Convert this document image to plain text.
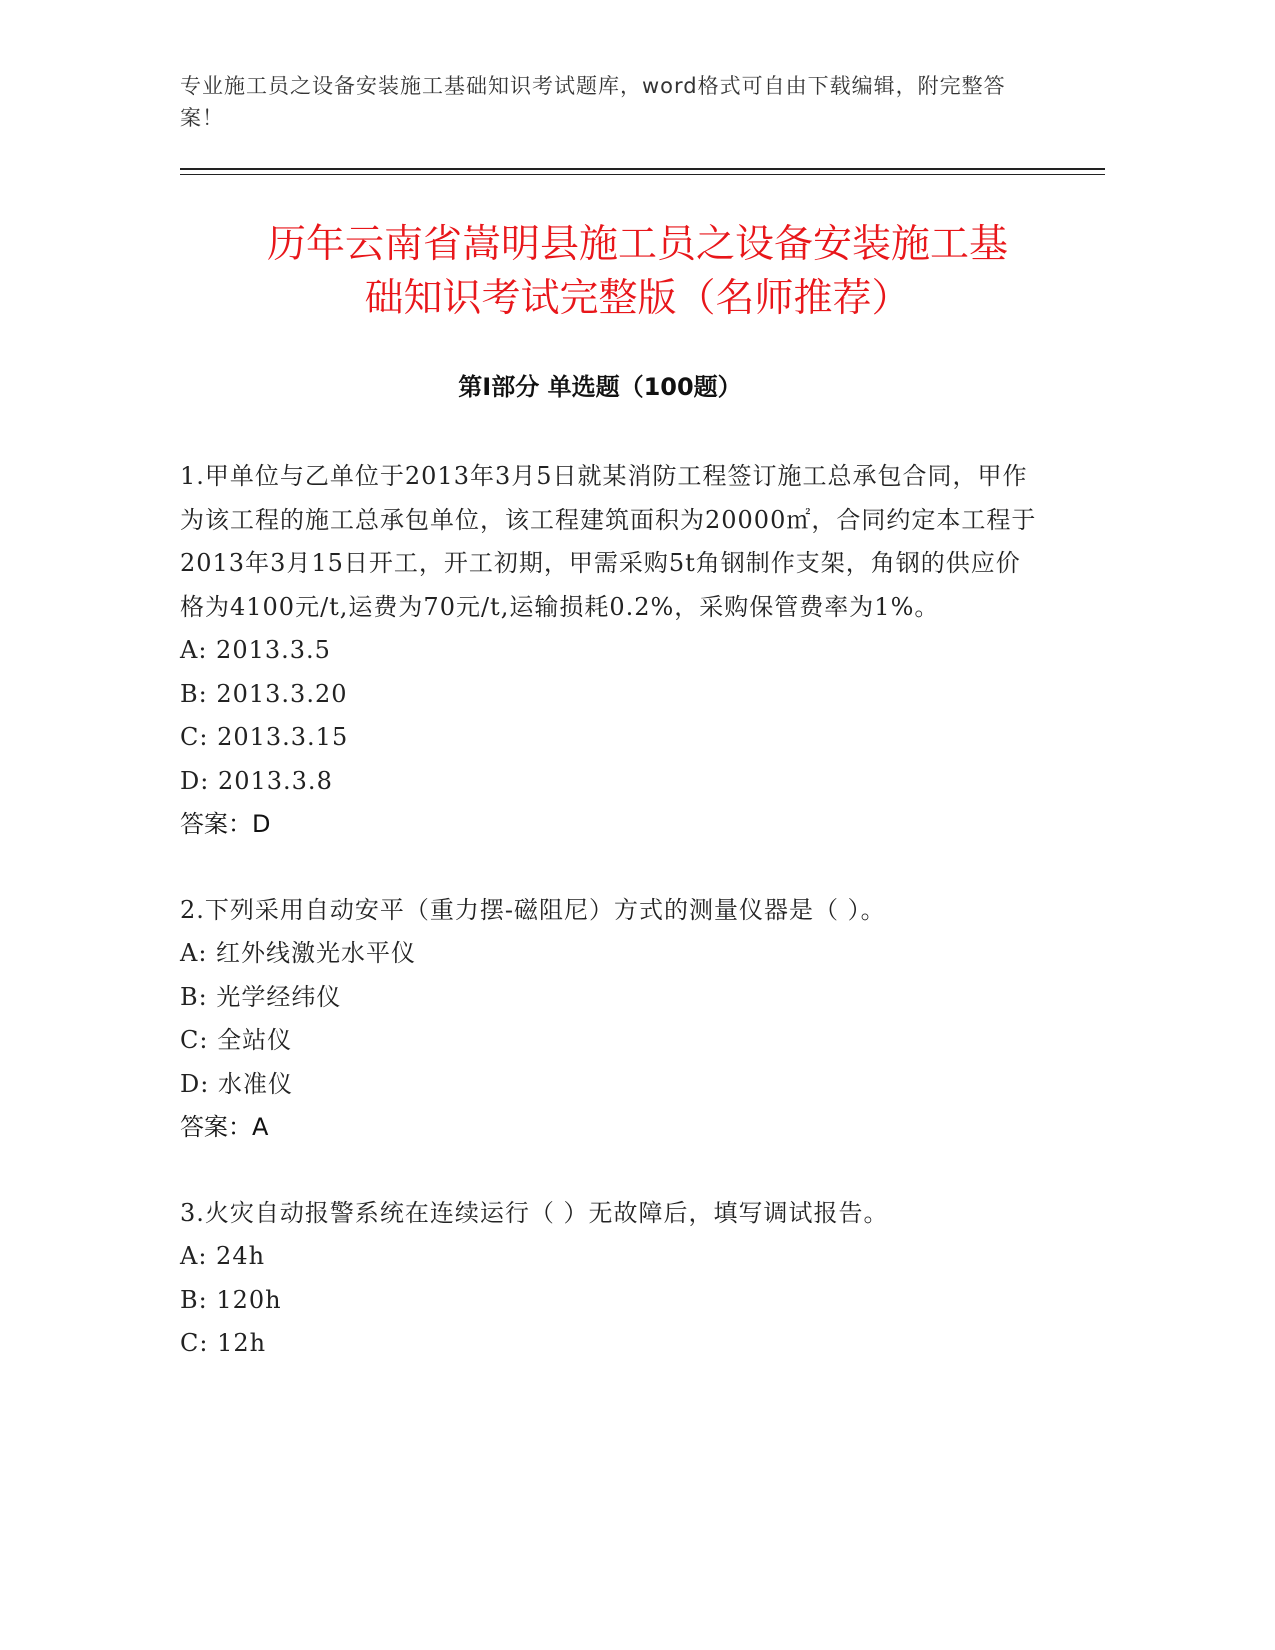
专业施工员之设备安装施工基础知识考试题库，word格式可自由下载编辑，附完整答案！
历年云南省嵩明县施工员之设备安装施工基
础知识考试完整版（名师推荐）
第Ⅰ部分 单选题（100题）

1.甲单位与乙单位于2013年3月5日就某消防工程签订施工总承包合同，甲作为该工程的施工总承包单位，该工程建筑面积为20000㎡，合同约定本工程于2013年3月15日开工，开工初期，甲需采购5t角钢制作支架，角钢的供应价格为4100元/t,运费为70元/t,运输损耗0.2%，采购保管费率为1%。

A: 2013.3.5

B: 2013.3.20

C: 2013.3.15

D: 2013.3.8

答案：D

2.下列采用自动安平（重力摆-磁阻尼）方式的测量仪器是（ ）。

A: 红外线激光水平仪

B: 光学经纬仪

C: 全站仪

D: 水准仪

答案：A

3.火灾自动报警系统在连续运行（ ）无故障后，填写调试报告。

A: 24h

B: 120h

C: 12h
